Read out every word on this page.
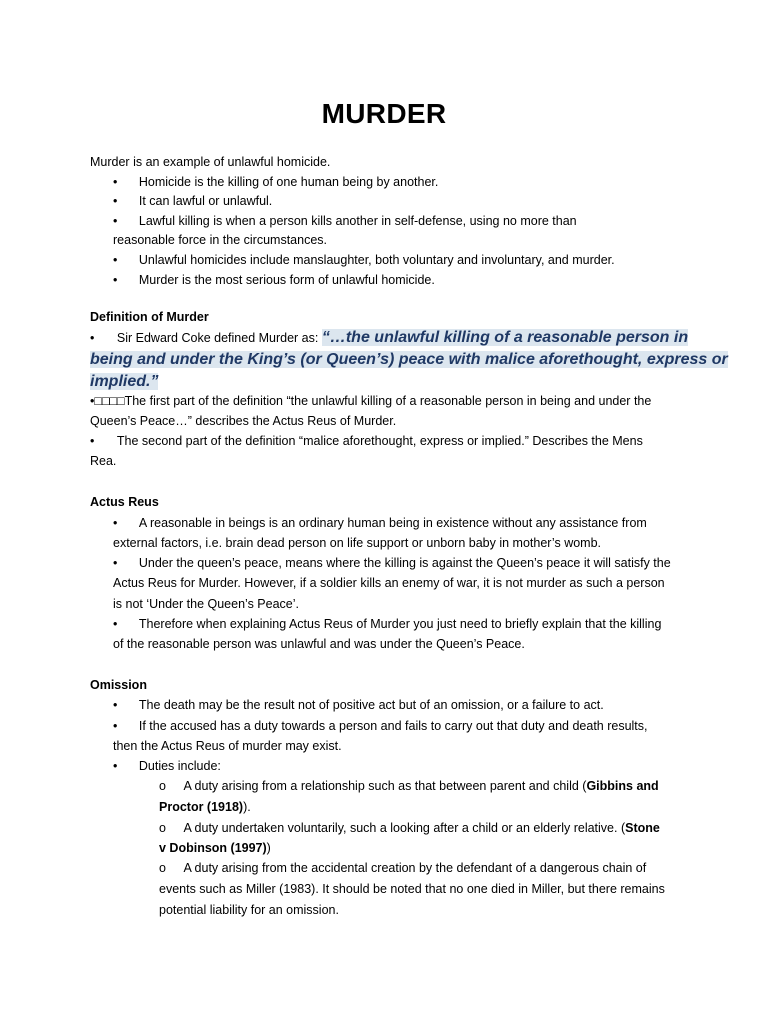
MURDER
Murder is an example of unlawful homicide.
• Homicide is the killing of one human being by another.
• It can lawful or unlawful.
• Lawful killing is when a person kills another in self-defense, using no more than
reasonable force in the circumstances.
• Unlawful homicides include manslaughter, both voluntary and involuntary, and murder.
• Murder is the most serious form of unlawful homicide.
Definition of Murder
• Sir Edward Coke defined Murder as: “…the unlawful killing of a reasonable person in
being and under the King’s (or Queen’s) peace with malice aforethought, express or
implied.”
•□□□□The first part of the definition “the unlawful killing of a reasonable person in being and under the
Queen’s Peace…” describes the Actus Reus of Murder.
• The second part of the definition “malice aforethought, express or implied.” Describes the Mens
Rea.
Actus Reus
• A reasonable in beings is an ordinary human being in existence without any assistance from
external factors, i.e. brain dead person on life support or unborn baby in mother’s womb.
• Under the queen’s peace, means where the killing is against the Queen’s peace it will satisfy the
Actus Reus for Murder. However, if a soldier kills an enemy of war, it is not murder as such a person
is not ‘Under the Queen’s Peace’.
• Therefore when explaining Actus Reus of Murder you just need to briefly explain that the killing
of the reasonable person was unlawful and was under the Queen’s Peace.
Omission
• The death may be the result not of positive act but of an omission, or a failure to act.
• If the accused has a duty towards a person and fails to carry out that duty and death results,
then the Actus Reus of murder may exist.
• Duties include:
o A duty arising from a relationship such as that between parent and child (Gibbins and
Proctor (1918)).
o A duty undertaken voluntarily, such a looking after a child or an elderly relative. (Stone
v Dobinson (1997))
o A duty arising from the accidental creation by the defendant of a dangerous chain of
events such as Miller (1983). It should be noted that no one died in Miller, but there remains
potential liability for an omission.
